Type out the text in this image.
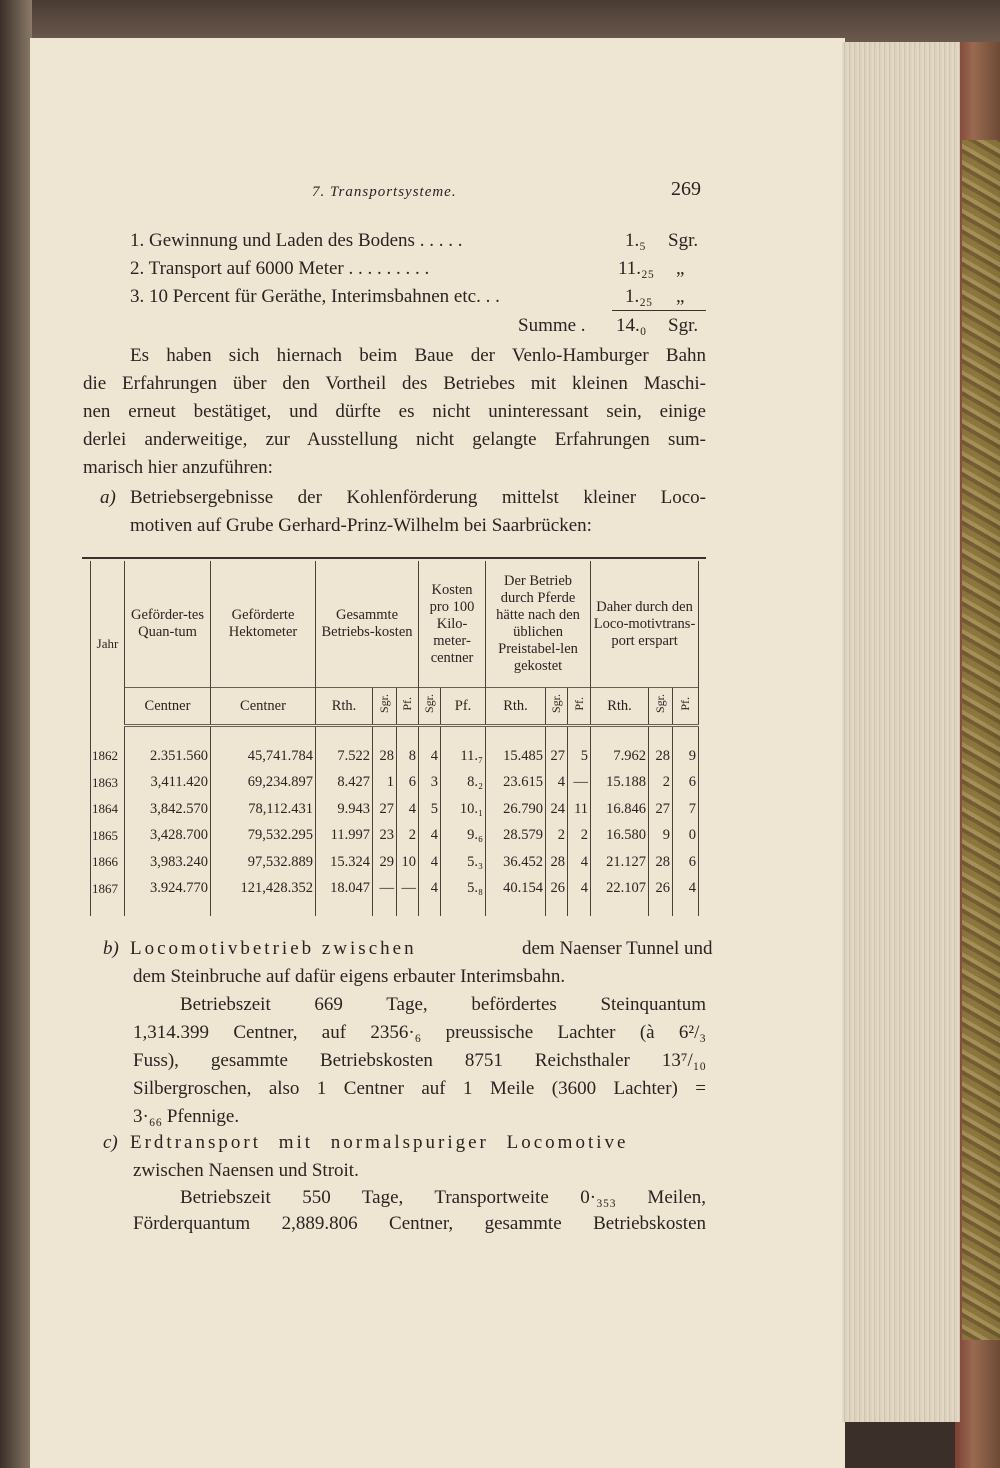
7. Transportsysteme.	269
1. Gewinnung und Laden des Bodens . . . . .	1.₅ Sgr.
2. Transport auf 6000 Meter . . . . . . . . .	11.₂₅ „
3. 10 Percent für Geräthe, Interimsbahnen etc. . .	1.₂₅ „
Summe . 14.₀ Sgr.
Es haben sich hiernach beim Baue der Venlo-Hamburger Bahn
die Erfahrungen über den Vortheil des Betriebes mit kleinen Maschi-
nen erneut bestätiget, und dürfte es nicht uninteressant sein, einige
derlei anderweitige, zur Ausstellung nicht gelangte Erfahrungen sum-
marisch hier anzuführen:
a) Betriebsergebnisse der Kohlenförderung mittelst kleiner Loco-
motiven auf Grube Gerhard-Prinz-Wilhelm bei Saarbrücken:
Jahr	Geförder-tes Quan-tum	Geförderte Hektometer	Gesammte Betriebs-kosten			Kosten pro 100 Kilo-meter-centner		Der Betrieb durch Pferde hätte nach den üblichen Preistabel-len gekostet			Daher durch den Loco-motivtrans-port erspart		
	Centner	Centner	Rth.	Sgr.	Pf.	Sgr.	Pf.	Rth.	Sgr.	Pf.	Rth.	Sgr.	Pf.

1862	2.351.560	45,741.784	7.522	28	8	4	11.₇	15.485	27	5	7.962	28	9
1863	3,411.420	69,234.897	8.427	1	6	3	8.₂	23.615	4	—	15.188	2	6
1864	3,842.570	78,112.431	9.943	27	4	5	10.₁	26.790	24	11	16.846	27	7
1865	3,428.700	79,532.295	11.997	23	2	4	9.₆	28.579	2	2	16.580	9	0
1866	3,983.240	97,532.889	15.324	29	10	4	5.₃	36.452	28	4	21.127	28	6
1867	3.924.770	121,428.352	18.047	—	—	4	5.₈	40.154	26	4	22.107	26	4

b) Locomotivbetrieb zwischen	dem Naenser Tunnel und
dem Steinbruche auf dafür eigens erbauter Interimsbahn.
Betriebszeit 669 Tage, befördertes Steinquantum
1,314.399 Centner, auf 2356·₆ preussische Lachter (à 6²/₃
Fuss), gesammte Betriebskosten 8751 Reichsthaler 13⁷/₁₀
Silbergroschen, also 1 Centner auf 1 Meile (3600 Lachter) =
3·₆₆ Pfennige.
c) Erdtransport mit normalspuriger Locomotive
zwischen Naensen und Stroit.
Betriebszeit 550 Tage, Transportweite 0·₃₅₃ Meilen,
Förderquantum 2,889.806 Centner, gesammte Betriebskosten
